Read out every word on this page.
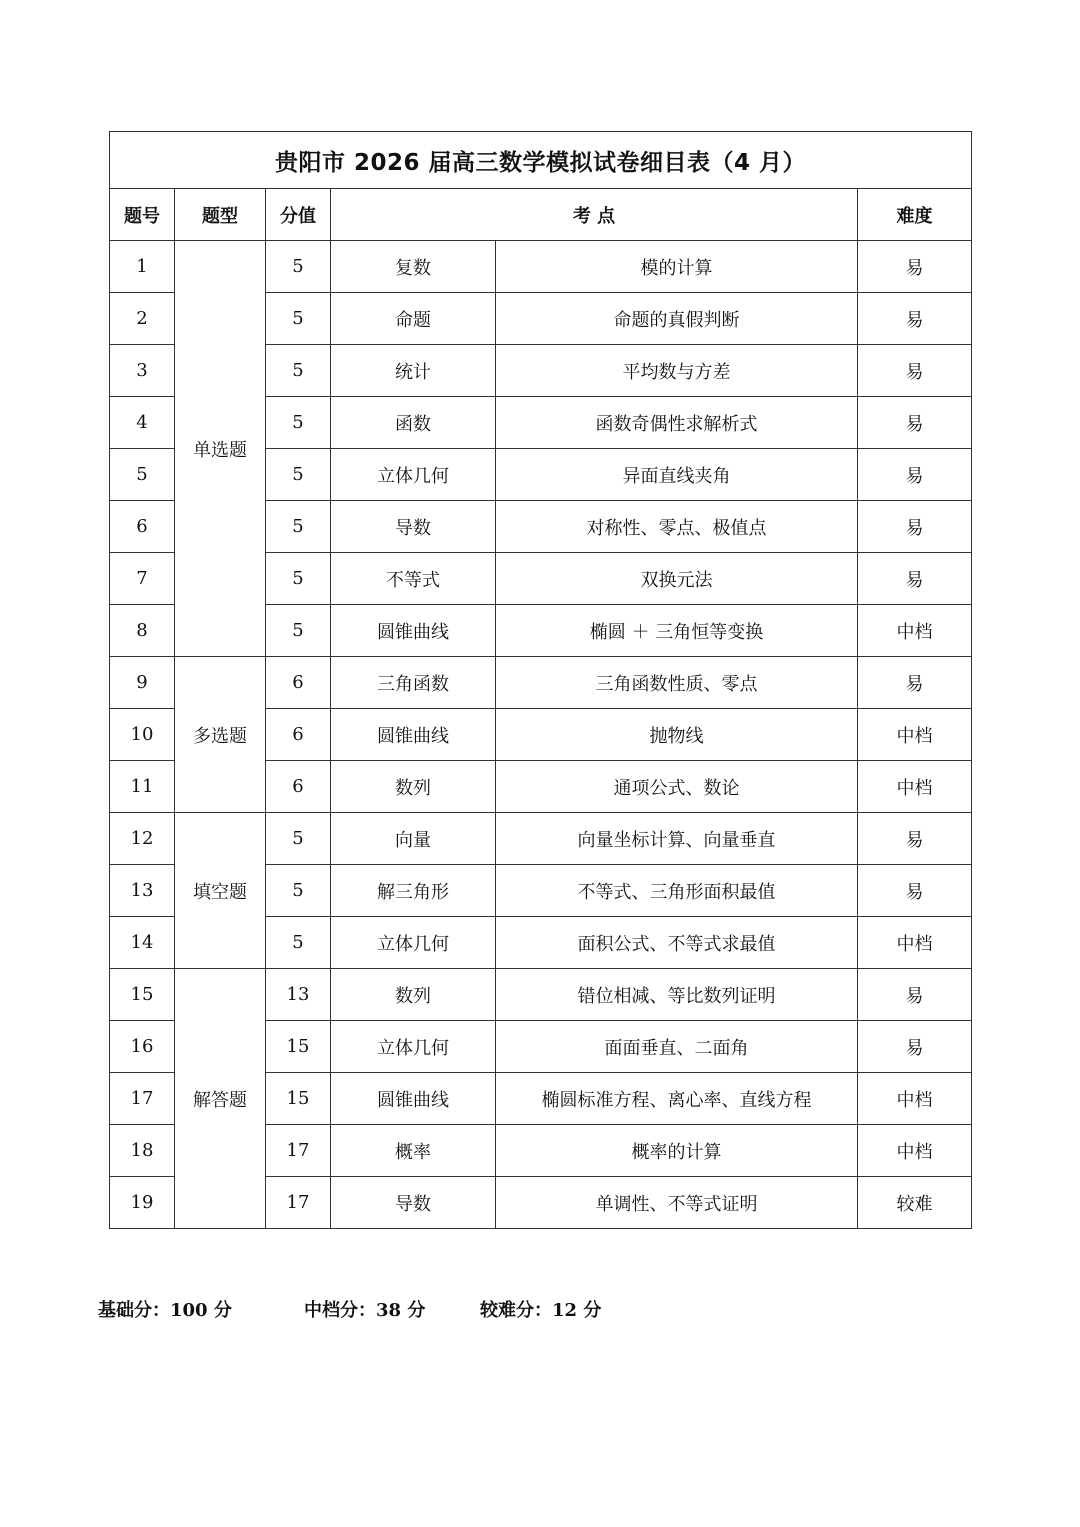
贵阳市 2026 届高三数学模拟试卷细目表（4 月）					
题号	题型	分值	考 点		难度
1	单选题	5	复数	模的计算	易
2		5	命题	命题的真假判断	易
3		5	统计	平均数与方差	易
4		5	函数	函数奇偶性求解析式	易
5		5	立体几何	异面直线夹角	易
6		5	导数	对称性、零点、极值点	易
7		5	不等式	双换元法	易
8		5	圆锥曲线	椭圆 ＋ 三角恒等变换	中档
9	多选题	6	三角函数	三角函数性质、零点	易
10		6	圆锥曲线	抛物线	中档
11		6	数列	通项公式、数论	中档
12	填空题	5	向量	向量坐标计算、向量垂直	易
13		5	解三角形	不等式、三角形面积最值	易
14		5	立体几何	面积公式、不等式求最值	中档
15	解答题	13	数列	错位相减、等比数列证明	易
16		15	立体几何	面面垂直、二面角	易
17		15	圆锥曲线	椭圆标准方程、离心率、直线方程	中档
18		17	概率	概率的计算	中档
19		17	导数	单调性、不等式证明	较难
基础分：100 分	中档分：38 分	较难分：12 分
